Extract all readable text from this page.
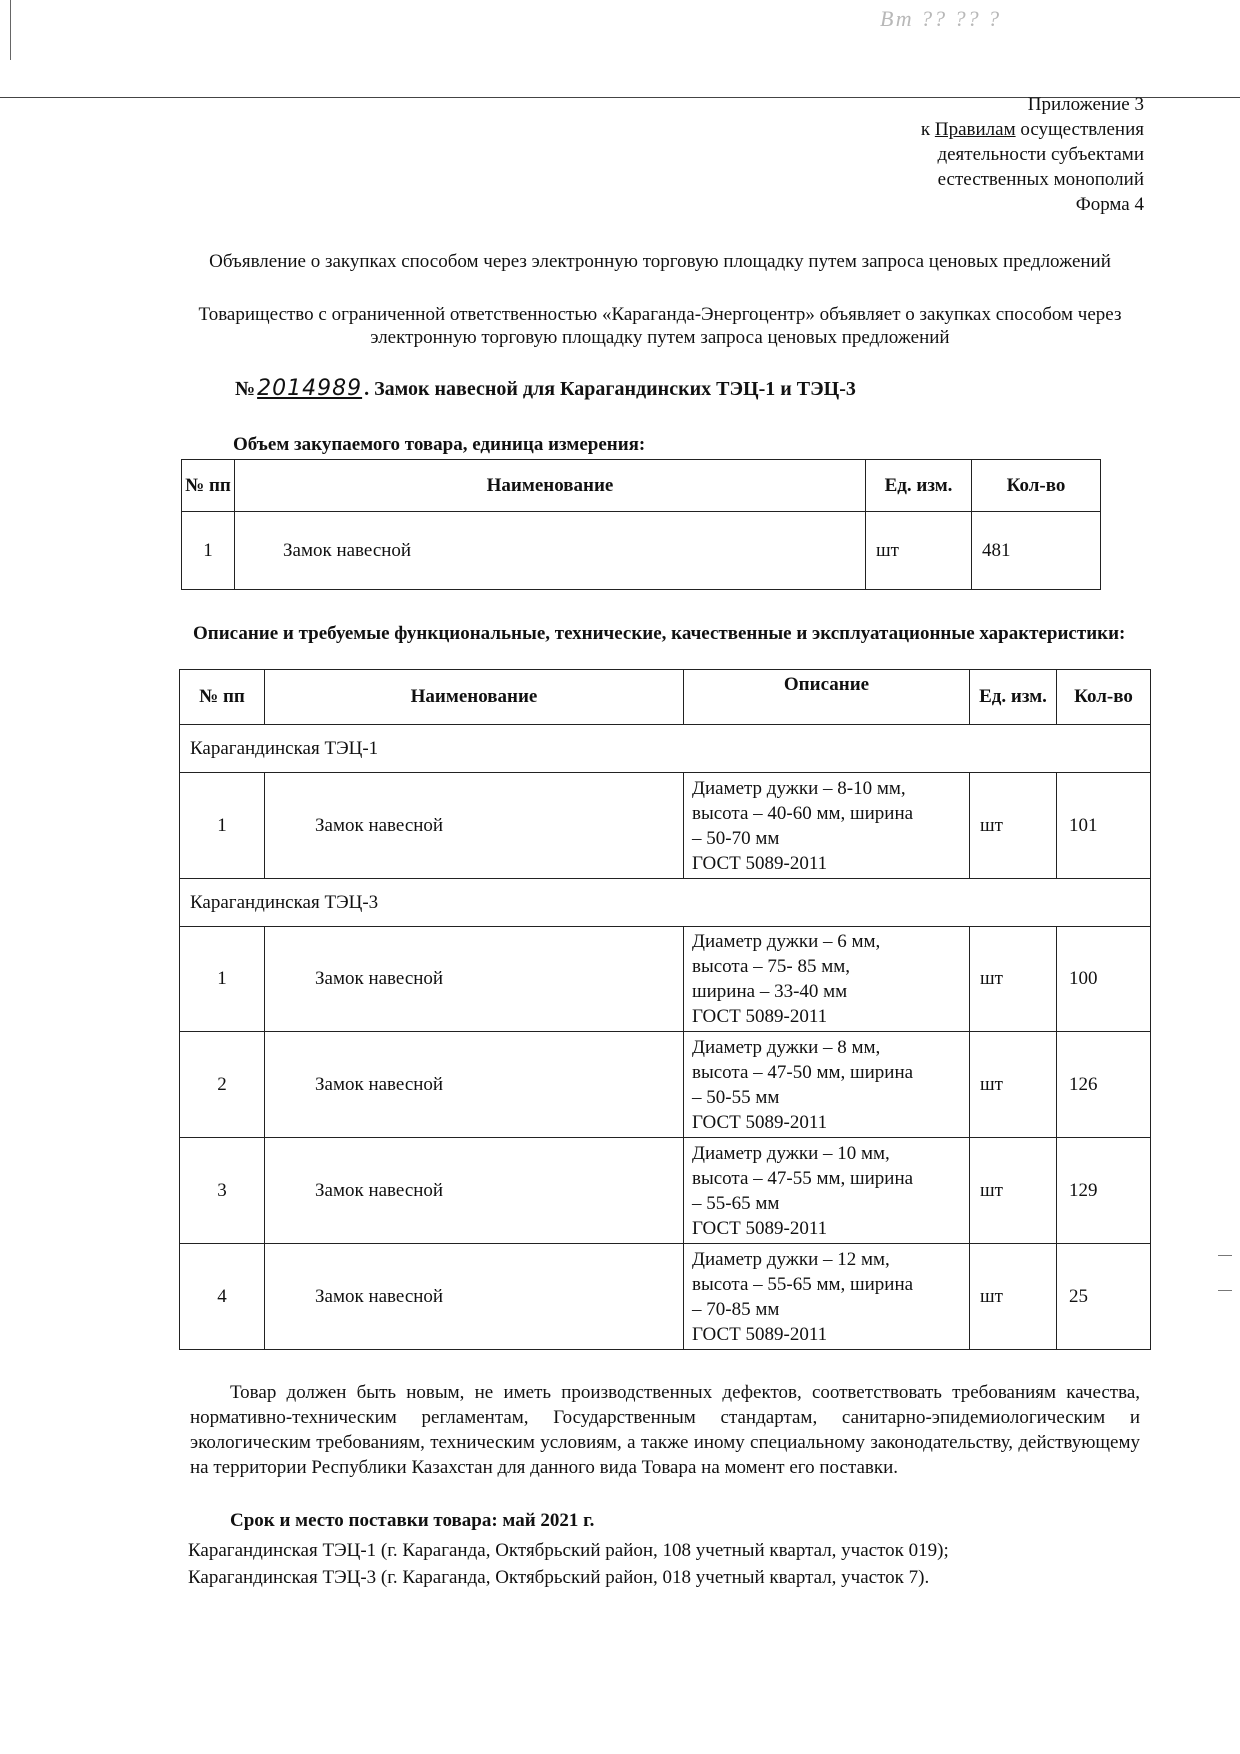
Вт ?? ?? ?
Приложение 3
к Правилам осуществления
деятельности субъектами
естественных монополий
Форма 4
Объявление о закупках способом через электронную торговую площадку путем запроса ценовых предложений
Товарищество с ограниченной ответственностью «Караганда-Энергоцентр» объявляет о закупках способом через электронную торговую площадку путем запроса ценовых предложений
№2014989 . Замок навесной для Карагандинских ТЭЦ-1 и ТЭЦ-3
Объем закупаемого товара, единица измерения:
№ пп	Наименование	Ед. изм.	Кол-во
1	Замок навесной	шт	481
Описание и требуемые функциональные, технические, качественные и эксплуатационные характеристики:
№ пп	Наименование	Описание	Ед. изм.	Кол-во
Карагандинская ТЭЦ-1				
1	Замок навесной	Диаметр дужки – 8-10 мм,
высота – 40-60 мм, ширина
– 50-70 мм
ГОСТ 5089-2011	шт	101
Карагандинская ТЭЦ-3				
1	Замок навесной	Диаметр дужки – 6 мм,
высота – 75- 85 мм,
ширина – 33-40 мм
ГОСТ 5089-2011	шт	100
2	Замок навесной	Диаметр дужки – 8 мм,
высота – 47-50 мм, ширина
– 50-55 мм
ГОСТ 5089-2011	шт	126
3	Замок навесной	Диаметр дужки – 10 мм,
высота – 47-55 мм, ширина
– 55-65 мм
ГОСТ 5089-2011	шт	129
4	Замок навесной	Диаметр дужки – 12 мм,
высота – 55-65 мм, ширина
– 70-85 мм
ГОСТ 5089-2011	шт	25

Товар должен быть новым, не иметь производственных дефектов, соответствовать требованиям качества, нормативно-техническим регламентам, Государственным стандартам, санитарно-эпидемиологическим и экологическим требованиям, техническим условиям, а также иному специальному законодательству, действующему на территории Республики Казахстан для данного вида Товара на момент его поставки.

Срок и место поставки товара: май 2021 г.
Карагандинская ТЭЦ-1 (г. Караганда, Октябрьский район, 108 учетный квартал, участок 019);
Карагандинская ТЭЦ-3 (г. Караганда, Октябрьский район, 018 учетный квартал, участок 7).
